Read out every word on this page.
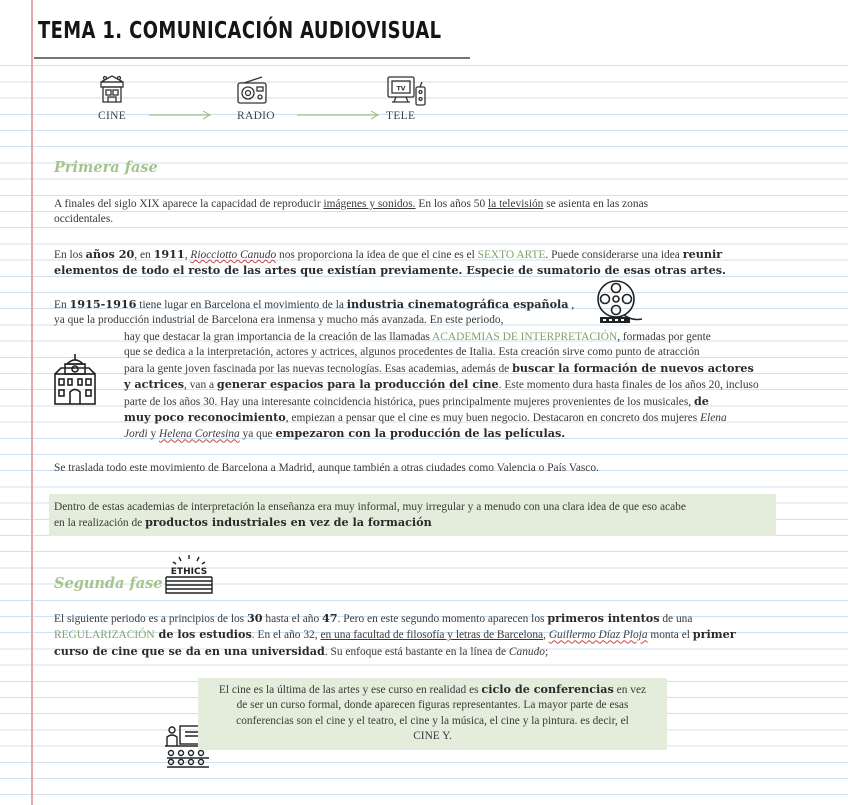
TEMA 1. COMUNICACIÓN AUDIOVISUAL
TV
CINE	RADIO	TELE
Primera fase
A finales del siglo XIX aparece la capacidad de reproducir imágenes y sonidos. En los años 50 la televisión se asienta en las zonas
occidentales.
En los años 20, en 1911, Riocciotto Canudo nos proporciona la idea de que el cine es el SEXTO ARTE. Puede considerarse una idea reunir
elementos de todo el resto de las artes que existían previamente. Especie de sumatorio de esas otras artes.
En 1915-1916 tiene lugar en Barcelona el movimiento de la industria cinematográfica española ,
ya que la producción industrial de Barcelona era inmensa y mucho más avanzada. En este periodo,
hay que destacar la gran importancia de la creación de las llamadas ACADEMIAS DE INTERPRETACIÓN, formadas por gente
que se dedica a la interpretación, actores y actrices, algunos procedentes de Italia. Esta creación sirve como punto de atracción
para la gente joven fascinada por las nuevas tecnologías. Esas academias, además de buscar la formación de nuevos actores
y actrices, van a generar espacios para la producción del cine. Este momento dura hasta finales de los años 20, incluso
parte de los años 30. Hay una interesante coincidencia histórica, pues principalmente mujeres provenientes de los musicales, de
muy poco reconocimiento, empiezan a pensar que el cine es muy buen negocio. Destacaron en concreto dos mujeres Elena
Jordi y Helena Cortesina ya que empezaron con la producción de las películas.
Se traslada todo este movimiento de Barcelona a Madrid, aunque también a otras ciudades como Valencia o País Vasco.
Dentro de estas academias de interpretación la enseñanza era muy informal, muy irregular y a menudo con una clara idea de que eso acabe
en la realización de productos industriales en vez de la formación
Segunda fase
ETHICS
El siguiente periodo es a principios de los 30 hasta el año 47. Pero en este segundo momento aparecen los primeros intentos de una
REGULARIZACIÓN de los estudios. En el año 32, en una facultad de filosofía y letras de Barcelona, Guillermo Díaz Ploja monta el primer
curso de cine que se da en una universidad. Su enfoque está bastante en la línea de Canudo;
El cine es la última de las artes y ese curso en realidad es ciclo de conferencias en vez
de ser un curso formal, donde aparecen figuras representantes. La mayor parte de esas
conferencias son el cine y el teatro, el cine y la música, el cine y la pintura. es decir, el
CINE Y.
